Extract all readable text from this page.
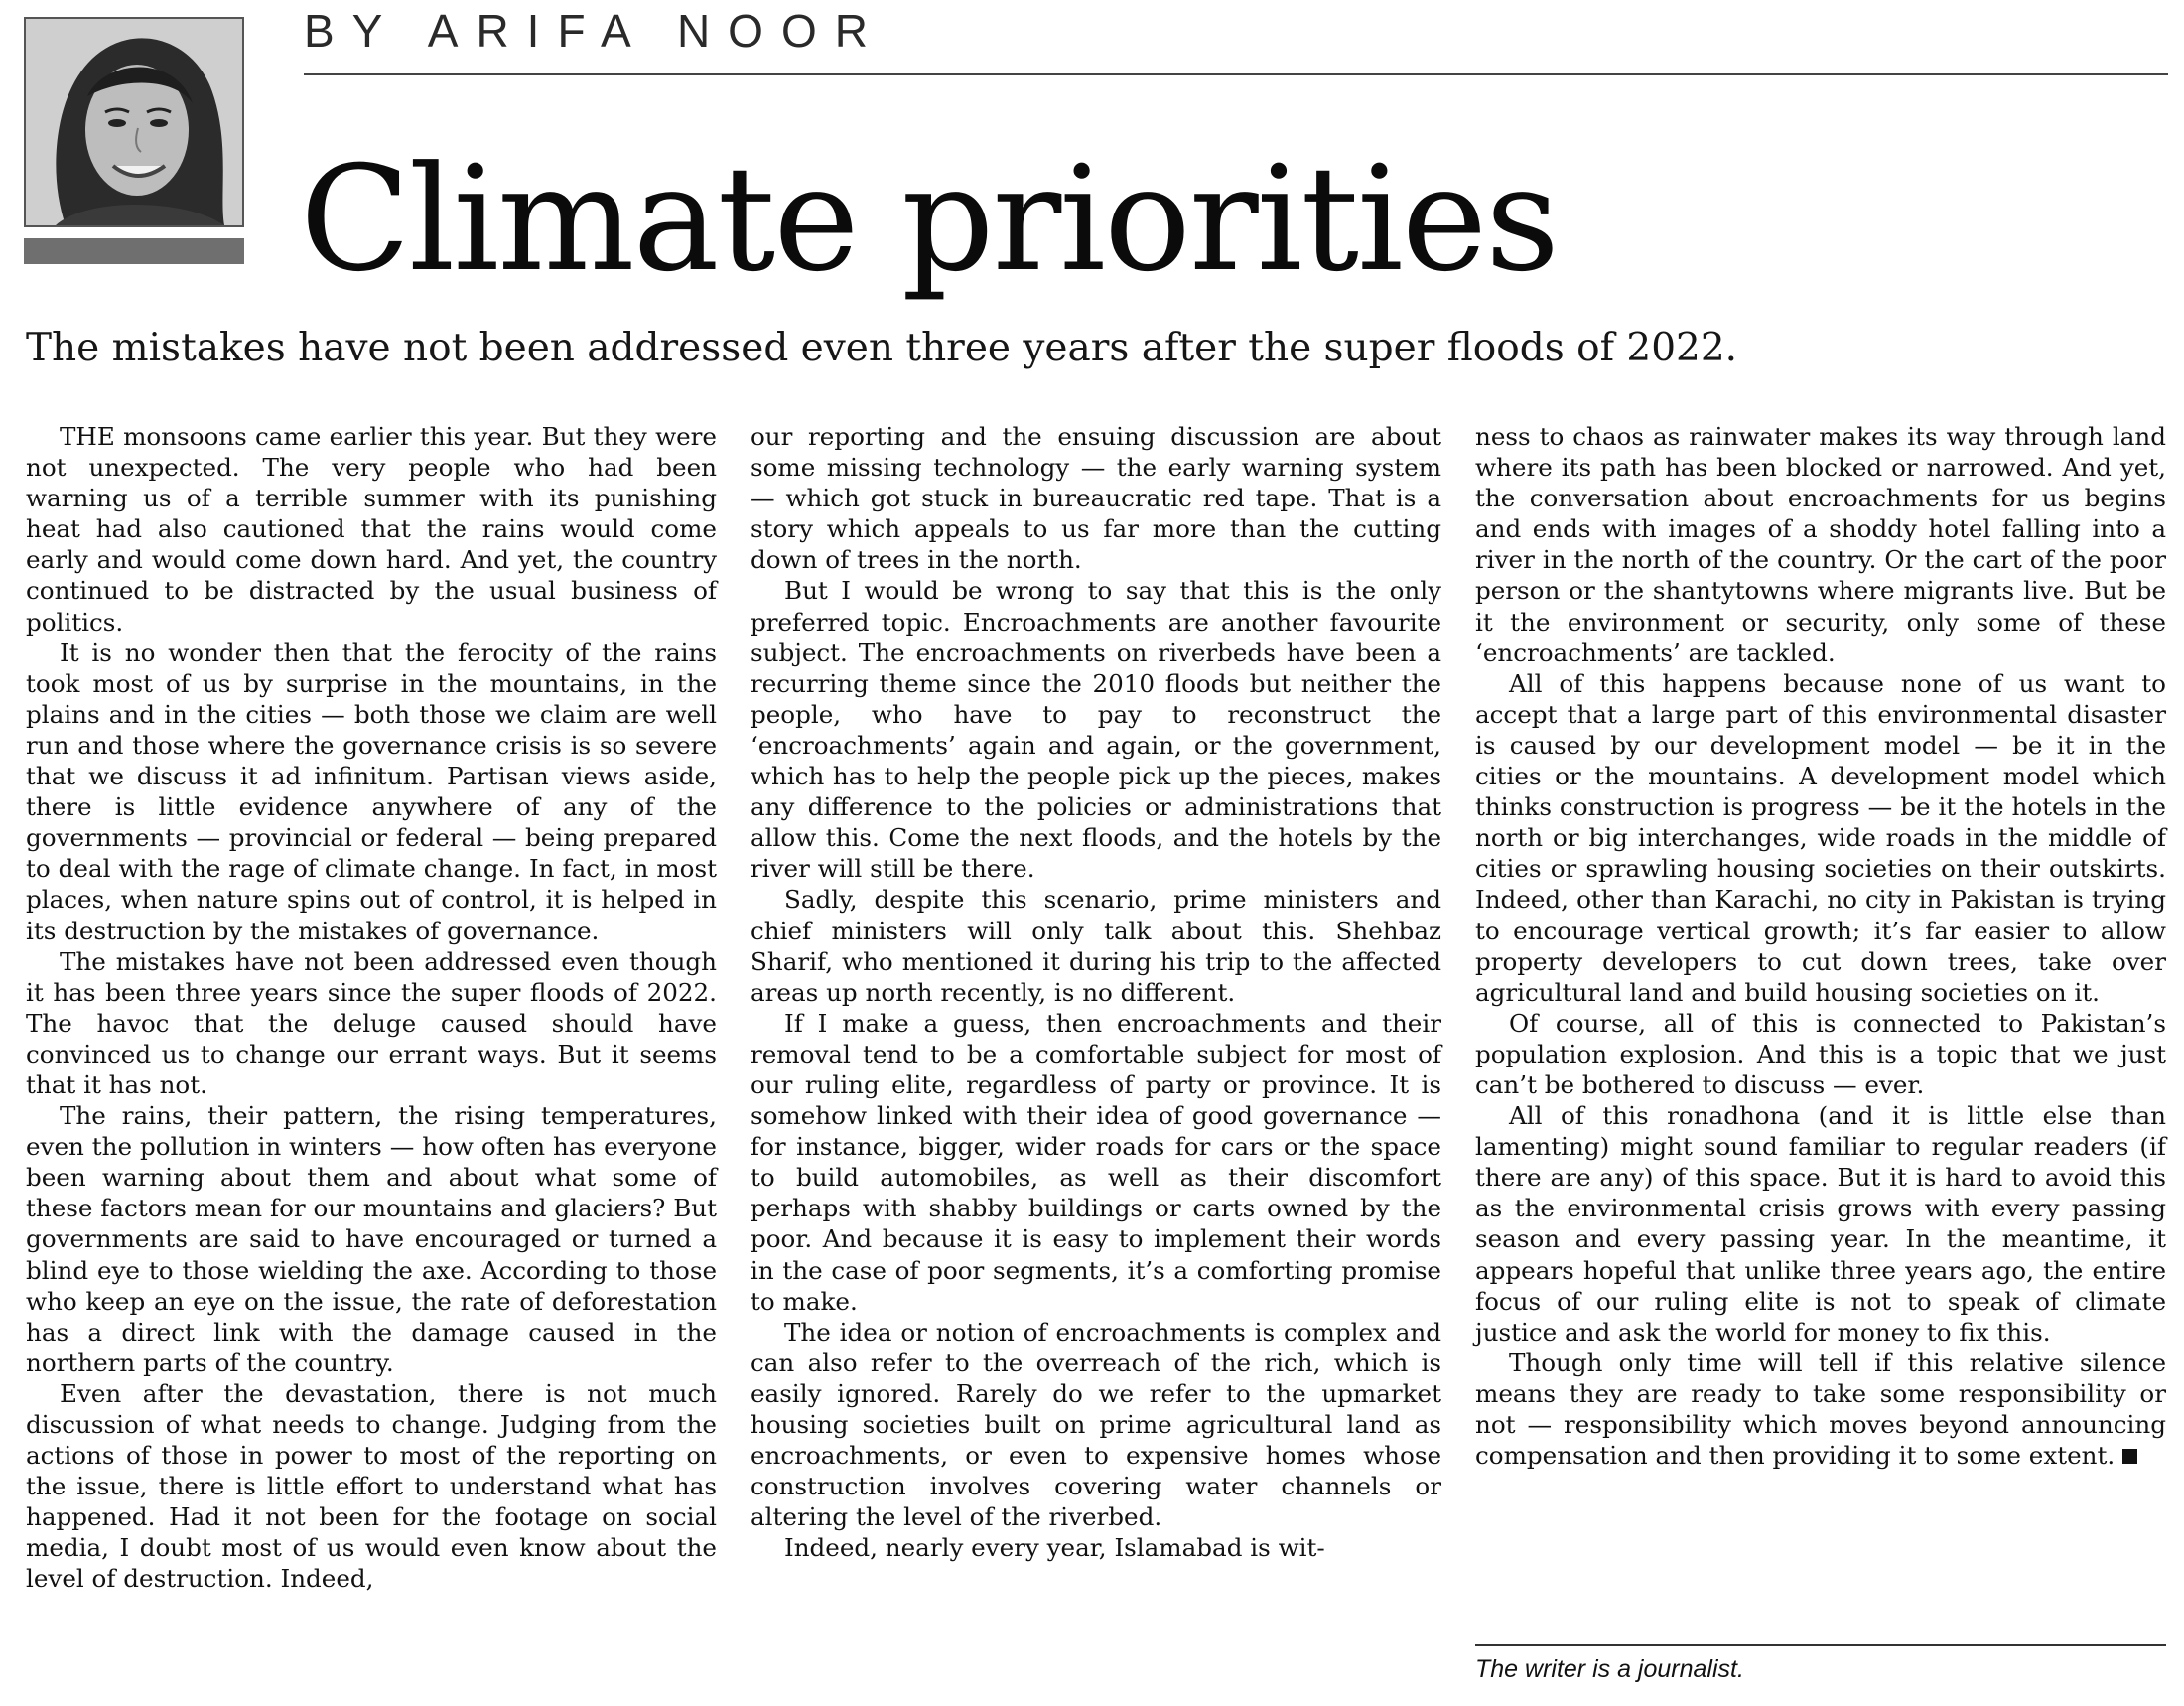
BY ARIFA NOOR
Climate priorities
The mistakes have not been addressed even three years after the super floods of 2022.

THE monsoons came earlier this year. But they were not unexpected. The very people who had been warning us of a terrible summer with its punishing heat had also cautioned that the rains would come early and would come down hard. And yet, the country continued to be distracted by the usual business of politics.

It is no wonder then that the ferocity of the rains took most of us by surprise in the mountains, in the plains and in the cities — both those we claim are well run and those where the governance crisis is so severe that we discuss it ad infinitum. Partisan views aside, there is little evidence anywhere of any of the governments — provincial or federal — being prepared to deal with the rage of climate change. In fact, in most places, when nature spins out of control, it is helped in its destruction by the mistakes of governance.

The mistakes have not been addressed even though it has been three years since the super floods of 2022. The havoc that the deluge caused should have convinced us to change our errant ways. But it seems that it has not.

The rains, their pattern, the rising temperatures, even the pollution in winters — how often has everyone been warning about them and about what some of these factors mean for our mountains and glaciers? But governments are said to have encouraged or turned a blind eye to those wielding the axe. According to those who keep an eye on the issue, the rate of deforestation has a direct link with the damage caused in the northern parts of the country.

Even after the devastation, there is not much discussion of what needs to change. Judging from the actions of those in power to most of the reporting on the issue, there is little effort to understand what has happened. Had it not been for the footage on social media, I doubt most of us would even know about the level of destruction. Indeed,

our reporting and the ensuing discussion are about some missing technology — the early warning system — which got stuck in bureaucratic red tape. That is a story which appeals to us far more than the cutting down of trees in the north.

But I would be wrong to say that this is the only preferred topic. Encroachments are another favourite subject. The encroachments on riverbeds have been a recurring theme since the 2010 floods but neither the people, who have to pay to reconstruct the ‘encroachments’ again and again, or the government, which has to help the people pick up the pieces, makes any difference to the policies or administrations that allow this. Come the next floods, and the hotels by the river will still be there.

Sadly, despite this scenario, prime ministers and chief ministers will only talk about this. Shehbaz Sharif, who mentioned it during his trip to the affected areas up north recently, is no different.

If I make a guess, then encroachments and their removal tend to be a comfortable subject for most of our ruling elite, regardless of party or province. It is somehow linked with their idea of good governance — for instance, bigger, wider roads for cars or the space to build automobiles, as well as their discomfort perhaps with shabby buildings or carts owned by the poor. And because it is easy to implement their words in the case of poor segments, it’s a comforting promise to make.

The idea or notion of encroachments is complex and can also refer to the overreach of the rich, which is easily ignored. Rarely do we refer to the upmarket housing societies built on prime agricultural land as encroachments, or even to expensive homes whose construction involves covering water channels or altering the level of the riverbed.

Indeed, nearly every year, Islamabad is wit-

ness to chaos as rainwater makes its way through land where its path has been blocked or narrowed. And yet, the conversation about encroachments for us begins and ends with images of a shoddy hotel falling into a river in the north of the country. Or the cart of the poor person or the shantytowns where migrants live. But be it the environment or security, only some of these ‘encroachments’ are tackled.

All of this happens because none of us want to accept that a large part of this environmental disaster is caused by our development model — be it in the cities or the mountains. A development model which thinks construction is progress — be it the hotels in the north or big interchanges, wide roads in the middle of cities or sprawling housing societies on their outskirts. Indeed, other than Karachi, no city in Pakistan is trying to encourage vertical growth; it’s far easier to allow property developers to cut down trees, take over agricultural land and build housing societies on it.

Of course, all of this is connected to Pakistan’s population explosion. And this is a topic that we just can’t be bothered to discuss — ever.

All of this ronadhona (and it is little else than lamenting) might sound familiar to regular readers (if there are any) of this space. But it is hard to avoid this as the environmental crisis grows with every passing season and every passing year. In the meantime, it appears hopeful that unlike three years ago, the entire focus of our ruling elite is not to speak of climate justice and ask the world for money to fix this.

Though only time will tell if this relative silence means they are ready to take some responsibility or not — responsibility which moves beyond announcing compensation and then providing it to some extent.

The writer is a journalist.
